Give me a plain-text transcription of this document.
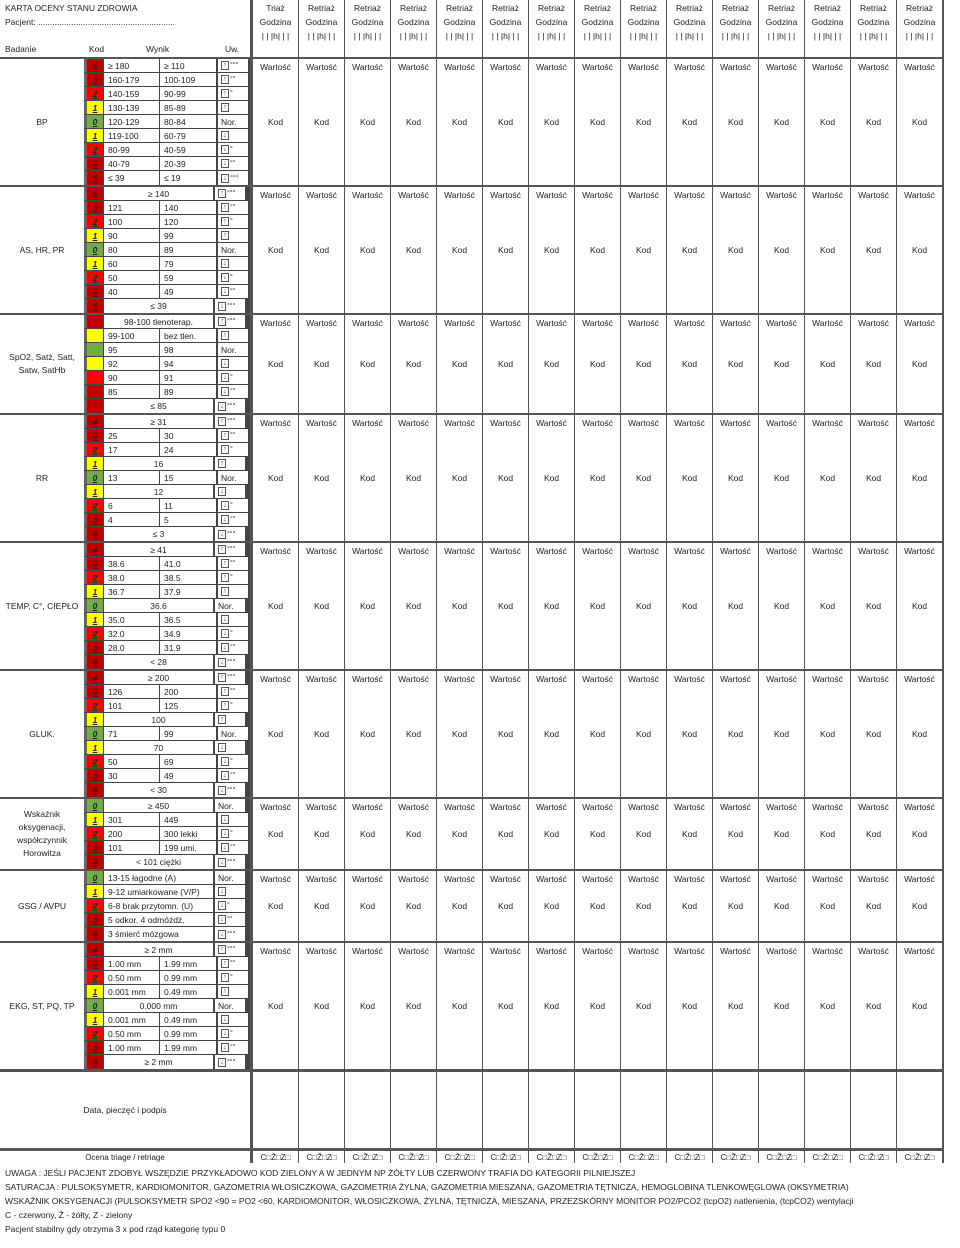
KARTA OCENY STANU ZDROWIA
Pacjent: ..........................................................
Badanie	Kod	Wynik	Uw.
Triaż
Godzina
| | |h| | |
Retriaż
Godzina
| | |h| | |
Retriaż
Godzina
| | |h| | |
Retriaż
Godzina
| | |h| | |
Retriaż
Godzina
| | |h| | |
Retriaż
Godzina
| | |h| | |
Retriaż
Godzina
| | |h| | |
Retriaż
Godzina
| | |h| | |
Retriaż
Godzina
| | |h| | |
Retriaż
Godzina
| | |h| | |
Retriaż
Godzina
| | |h| | |
Retriaż
Godzina
| | |h| | |
Retriaż
Godzina
| | |h| | |
Retriaż
Godzina
| | |h| | |
Retriaż
Godzina
| | |h| | |
BP
4	≥ 180	≥ 110	↑ °°°
3	160-179	100-109	↑ °°
2	140-159	90-99	↑ °
1	130-139	85-89	↑
0	120-129	80-84	Nor.
1	119-100	60-79	↓
2	80-99	40-59	↓ °
3	40-79	20-39	↓ °°
4	≤ 39	≤ 19	↓ °°°
Wartość
Kod
Wartość
Kod
Wartość
Kod
Wartość
Kod
Wartość
Kod
Wartość
Kod
Wartość
Kod
Wartość
Kod
Wartość
Kod
Wartość
Kod
Wartość
Kod
Wartość
Kod
Wartość
Kod
Wartość
Kod
Wartość
Kod
AS, HR, PR
4	≥ 140	↑ °°°
3	121	140	↑ °°
2	100	120	↑ °
1	90	99	↑
0	80	89	Nor.
1	60	79	↓
2	50	59	↓ °
3	40	49	↓ °°
4	≤ 39	↓ °°°
Wartość
Kod
Wartość
Kod
Wartość
Kod
Wartość
Kod
Wartość
Kod
Wartość
Kod
Wartość
Kod
Wartość
Kod
Wartość
Kod
Wartość
Kod
Wartość
Kod
Wartość
Kod
Wartość
Kod
Wartość
Kod
Wartość
Kod
SpO2, Satż, Satt, Satw, SatHb
98-100 tlenoterap.	↑ °°°
99-100	bez tlen.	↑
95	98	Nor.
92	94	↓
90	91	↓ °
85	89	↓ °°
≤ 85	↓ °°°
Wartość
Kod
Wartość
Kod
Wartość
Kod
Wartość
Kod
Wartość
Kod
Wartość
Kod
Wartość
Kod
Wartość
Kod
Wartość
Kod
Wartość
Kod
Wartość
Kod
Wartość
Kod
Wartość
Kod
Wartość
Kod
Wartość
Kod
RR
4	≥ 31	↑ °°°
3	25	30	↑ °°
2	17	24	↑ °
1	16	↑
0	13	15	Nor.
1	12	↓
2	6	11	↓ °
3	4	5	↓ °°
4	≤ 3	↓ °°°
Wartość
Kod
Wartość
Kod
Wartość
Kod
Wartość
Kod
Wartość
Kod
Wartość
Kod
Wartość
Kod
Wartość
Kod
Wartość
Kod
Wartość
Kod
Wartość
Kod
Wartość
Kod
Wartość
Kod
Wartość
Kod
Wartość
Kod
TEMP, C°, CIEPŁO
4	≥ 41	↑ °°°
3	38.6	41.0	↑ °°
2	38.0	38.5	↑ °
1	36.7	37.9	↑
0	36.6	Nor.
1	35.0	36.5	↓
2	32.0	34.9	↓ °
3	28.0	31.9	↓ °°
4	< 28	↓ °°°
Wartość
Kod
Wartość
Kod
Wartość
Kod
Wartość
Kod
Wartość
Kod
Wartość
Kod
Wartość
Kod
Wartość
Kod
Wartość
Kod
Wartość
Kod
Wartość
Kod
Wartość
Kod
Wartość
Kod
Wartość
Kod
Wartość
Kod
GLUK.
4	≥ 200	↑ °°°
3	126	200	↑ °°
2	101	125	↑ °
1	100	↑
0	71	99	Nor.
1	70	↓
2	50	69	↓ °
3	30	49	↓ °°
4	< 30	↓ °°°
Wartość
Kod
Wartość
Kod
Wartość
Kod
Wartość
Kod
Wartość
Kod
Wartość
Kod
Wartość
Kod
Wartość
Kod
Wartość
Kod
Wartość
Kod
Wartość
Kod
Wartość
Kod
Wartość
Kod
Wartość
Kod
Wartość
Kod
Wskaźnik oksygenacji, współczynnik Horowitza
0	≥ 450	Nor.
1	301	449	↓
2	200	300 lekki	↓ °
3	101	199 umi.	↓ °°
4	< 101 ciężki	↓ °°°
Wartość
Kod
Wartość
Kod
Wartość
Kod
Wartość
Kod
Wartość
Kod
Wartość
Kod
Wartość
Kod
Wartość
Kod
Wartość
Kod
Wartość
Kod
Wartość
Kod
Wartość
Kod
Wartość
Kod
Wartość
Kod
Wartość
Kod
GSG / AVPU
0	13-15 łagodne (A)	Nor.
1	9-12 umiarkowane (V/P)	↓
2	6-8 brak przytomn. (U)	↓ °
3	5 odkor. 4 odmóżdż.	↓ °°
4	3 śmierć mózgowa	↓ °°°
Wartość
Kod
Wartość
Kod
Wartość
Kod
Wartość
Kod
Wartość
Kod
Wartość
Kod
Wartość
Kod
Wartość
Kod
Wartość
Kod
Wartość
Kod
Wartość
Kod
Wartość
Kod
Wartość
Kod
Wartość
Kod
Wartość
Kod
EKG, ST, PQ, TP
4	≥ 2 mm	↑ °°°
3	1.00 mm	1.99 mm	↑ °°
2	0.50 mm	0.99 mm	↑ °
1	0.001 mm	0.49 mm	↑
0	0.000 mm	Nor.
1	0.001 mm	0.49 mm	↓
2	0.50 mm	0.99 mm	↓ °
3	1.00 mm	1.99 mm	↓ °°
4	≥ 2 mm	↓ °°°
Wartość
Kod
Wartość
Kod
Wartość
Kod
Wartość
Kod
Wartość
Kod
Wartość
Kod
Wartość
Kod
Wartość
Kod
Wartość
Kod
Wartość
Kod
Wartość
Kod
Wartość
Kod
Wartość
Kod
Wartość
Kod
Wartość
Kod
Data, pieczęć i podpis
Ocena triage / retriage	C□Ž□Z□	C□Ž□Z□	C□Ž□Z□	C□Ž□Z□	C□Ž□Z□	C□Ž□Z□	C□Ž□Z□	C□Ž□Z□	C□Ž□Z□	C□Ž□Z□	C□Ž□Z□	C□Ž□Z□	C□Ž□Z□	C□Ž□Z□	C□Ž□Z□
UWAGA : JEŚLI PACJENT ZDOBYŁ WSZĘDZIE PRZYKŁADOWO KOD ZIELONY A W JEDNYM NP ŻÓŁTY LUB CZERWONY TRAFIA DO KATEGORII PILNIEJSZEJ
SATURACJA : PULSOKSYMETR, KARDIOMONITOR, GAZOMETRIA WŁOSICZKOWA, GAZOMETRIA ŻYLNA, GAZOMETRIA MIESZANA, GAZOMETRIA TĘTNICZA, HEMOGLOBINA TLENKOWĘGLOWA (OKSYMETRIA)
WSKAŹNIK OKSYGENACJI (PULSOKSYMETR SPO2 <90 = PO2 <60, KARDIOMONITOR, WŁOSICZKOWA, ŻYLNA, TĘTNICZA, MIESZANA, PRZEZSKÓRNY MONITOR PO2/PCO2 (tcpO2) natlenienia, (tcpCO2) wentylacji
C - czerwony, Ž - żółty, Z - zielony
Pacjent stabilny gdy otrzyma 3 x pod rząd kategorię typu 0
